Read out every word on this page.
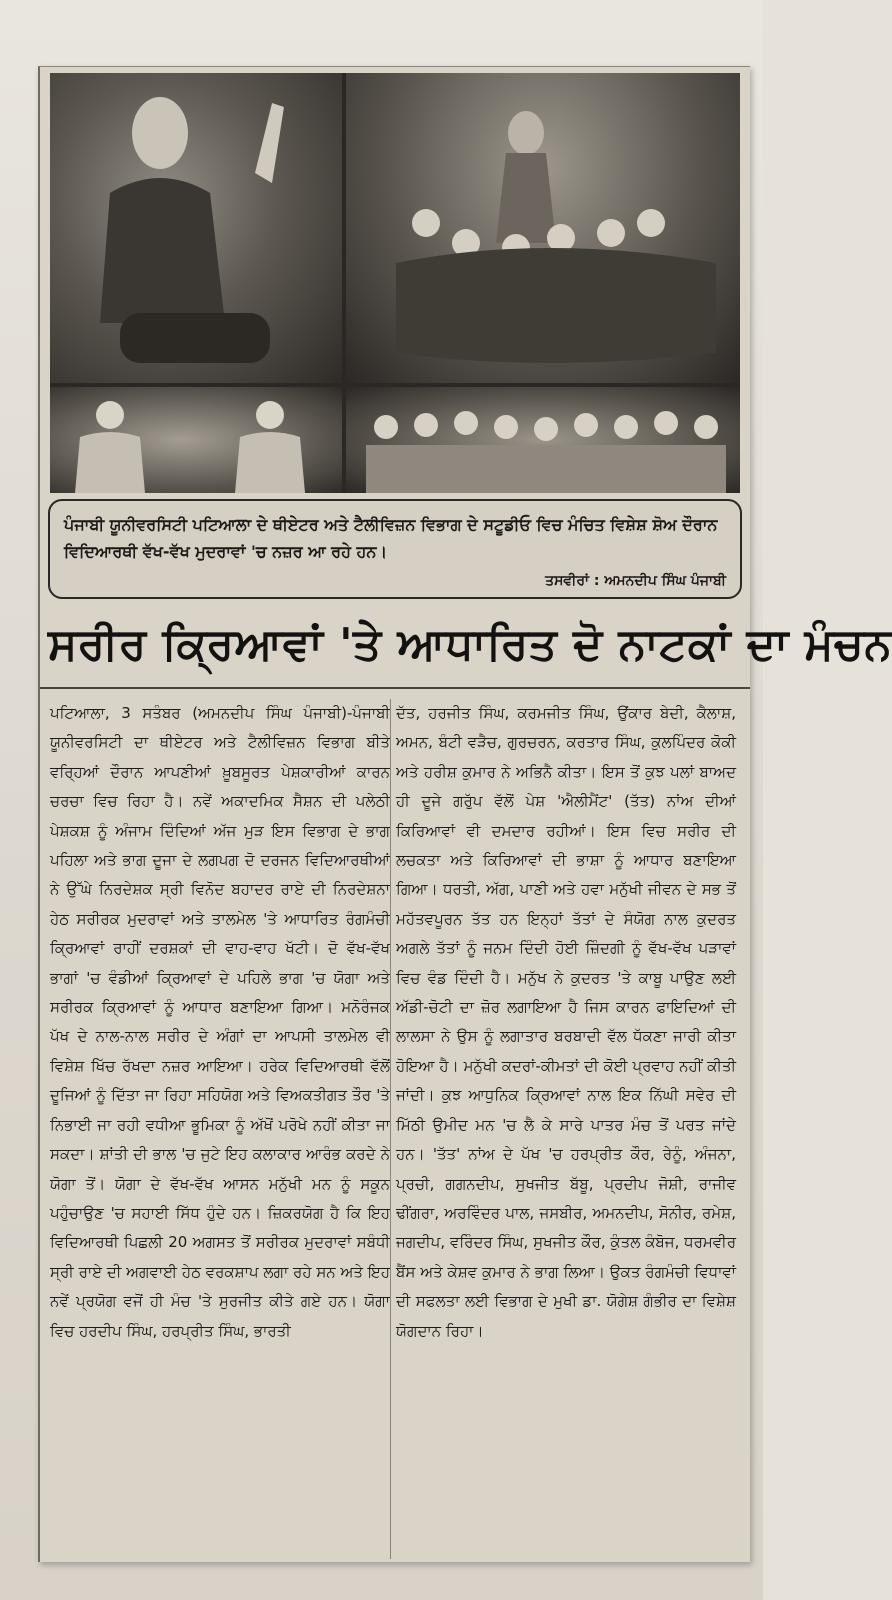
ਪੰਜਾਬੀ ਯੂਨੀਵਰਸਿਟੀ ਪਟਿਆਲਾ ਦੇ ਥੀਏਟਰ ਅਤੇ ਟੈਲੀਵਿਜ਼ਨ ਵਿਭਾਗ ਦੇ ਸਟੂਡੀਓ ਵਿਚ ਮੰਚਿਤ ਵਿਸ਼ੇਸ਼ ਸ਼ੋਅ ਦੌਰਾਨ ਵਿਦਿਆਰਥੀ ਵੱਖ-ਵੱਖ ਮੁਦਰਾਵਾਂ 'ਚ ਨਜ਼ਰ ਆ ਰਹੇ ਹਨ।
ਤਸਵੀਰਾਂ : ਅਮਨਦੀਪ ਸਿੰਘ ਪੰਜਾਬੀ
ਸਰੀਰ ਕ੍ਰਿਆਵਾਂ 'ਤੇ ਆਧਾਰਿਤ ਦੋ ਨਾਟਕਾਂ ਦਾ ਮੰਚਨ
ਪਟਿਆਲਾ, 3 ਸਤੰਬਰ (ਅਮਨਦੀਪ ਸਿੰਘ ਪੰਜਾਬੀ)-ਪੰਜਾਬੀ ਯੂਨੀਵਰਸਿਟੀ ਦਾ ਥੀਏਟਰ ਅਤੇ ਟੈਲੀਵਿਜ਼ਨ ਵਿਭਾਗ ਬੀਤੇ ਵਰ੍ਹਿਆਂ ਦੌਰਾਨ ਆਪਣੀਆਂ ਖ਼ੂਬਸੂਰਤ ਪੇਸ਼ਕਾਰੀਆਂ ਕਾਰਨ ਚਰਚਾ ਵਿਚ ਰਿਹਾ ਹੈ। ਨਵੇਂ ਅਕਾਦਮਿਕ ਸੈਸ਼ਨ ਦੀ ਪਲੇਠੀ ਪੇਸ਼ਕਸ਼ ਨੂੰ ਅੰਜਾਮ ਦਿੰਦਿਆਂ ਅੱਜ ਮੁੜ ਇਸ ਵਿਭਾਗ ਦੇ ਭਾਗ ਪਹਿਲਾ ਅਤੇ ਭਾਗ ਦੂਜਾ ਦੇ ਲਗਪਗ ਦੋ ਦਰਜਨ ਵਿਦਿਆਰਥੀਆਂ ਨੇ ਉੱਘੇ ਨਿਰਦੇਸ਼ਕ ਸ੍ਰੀ ਵਿਨੋਦ ਬਹਾਦਰ ਰਾਏ ਦੀ ਨਿਰਦੇਸ਼ਨਾ ਹੇਠ ਸਰੀਰਕ ਮੁਦਰਾਵਾਂ ਅਤੇ ਤਾਲਮੇਲ 'ਤੇ ਆਧਾਰਿਤ ਰੰਗਮੰਚੀ ਕ੍ਰਿਆਵਾਂ ਰਾਹੀਂ ਦਰਸ਼ਕਾਂ ਦੀ ਵਾਹ-ਵਾਹ ਖੱਟੀ। ਦੋ ਵੱਖ-ਵੱਖ ਭਾਗਾਂ 'ਚ ਵੰਡੀਆਂ ਕ੍ਰਿਆਵਾਂ ਦੇ ਪਹਿਲੇ ਭਾਗ 'ਚ ਯੋਗਾ ਅਤੇ ਸਰੀਰਕ ਕ੍ਰਿਆਵਾਂ ਨੂੰ ਆਧਾਰ ਬਣਾਇਆ ਗਿਆ। ਮਨੋਰੰਜਕ ਪੱਖ ਦੇ ਨਾਲ-ਨਾਲ ਸਰੀਰ ਦੇ ਅੰਗਾਂ ਦਾ ਆਪਸੀ ਤਾਲਮੇਲ ਵੀ ਵਿਸ਼ੇਸ਼ ਖਿੱਚ ਰੱਖਦਾ ਨਜ਼ਰ ਆਇਆ। ਹਰੇਕ ਵਿਦਿਆਰਥੀ ਵੱਲੋਂ ਦੂਜਿਆਂ ਨੂੰ ਦਿੱਤਾ ਜਾ ਰਿਹਾ ਸਹਿਯੋਗ ਅਤੇ ਵਿਅਕਤੀਗਤ ਤੌਰ 'ਤੇ ਨਿਭਾਈ ਜਾ ਰਹੀ ਵਧੀਆ ਭੂਮਿਕਾ ਨੂੰ ਅੱਖੋਂ ਪਰੋਖੇ ਨਹੀਂ ਕੀਤਾ ਜਾ ਸਕਦਾ। ਸ਼ਾਂਤੀ ਦੀ ਭਾਲ 'ਚ ਜੁਟੇ ਇਹ ਕਲਾਕਾਰ ਆਰੰਭ ਕਰਦੇ ਨੇ ਯੋਗਾ ਤੋਂ। ਯੋਗਾ ਦੇ ਵੱਖ-ਵੱਖ ਆਸਨ ਮਨੁੱਖੀ ਮਨ ਨੂੰ ਸਕੂਨ ਪਹੁੰਚਾਉਣ 'ਚ ਸਹਾਈ ਸਿੱਧ ਹੁੰਦੇ ਹਨ। ਜ਼ਿਕਰਯੋਗ ਹੈ ਕਿ ਇਹ ਵਿਦਿਆਰਥੀ ਪਿਛਲੀ 20 ਅਗਸਤ ਤੋਂ ਸਰੀਰਕ ਮੁਦਰਾਵਾਂ ਸਬੰਧੀ ਸ੍ਰੀ ਰਾਏ ਦੀ ਅਗਵਾਈ ਹੇਠ ਵਰਕਸ਼ਾਪ ਲਗਾ ਰਹੇ ਸਨ ਅਤੇ ਇਹ ਨਵੇਂ ਪ੍ਰਯੋਗ ਵਜੋਂ ਹੀ ਮੰਚ 'ਤੇ ਸੁਰਜੀਤ ਕੀਤੇ ਗਏ ਹਨ। ਯੋਗਾ ਵਿਚ ਹਰਦੀਪ ਸਿੰਘ, ਹਰਪ੍ਰੀਤ ਸਿੰਘ, ਭਾਰਤੀ
ਦੱਤ, ਹਰਜੀਤ ਸਿੰਘ, ਕਰਮਜੀਤ ਸਿੰਘ, ਉਂਕਾਰ ਬੇਦੀ, ਕੈਲਾਸ਼, ਅਮਨ, ਬੰਟੀ ਵੜੈਚ, ਗੁਰਚਰਨ, ਕਰਤਾਰ ਸਿੰਘ, ਕੁਲਪਿੰਦਰ ਕੋਕੀ ਅਤੇ ਹਰੀਸ਼ ਕੁਮਾਰ ਨੇ ਅਭਿਨੈ ਕੀਤਾ। ਇਸ ਤੋਂ ਕੁਝ ਪਲਾਂ ਬਾਅਦ ਹੀ ਦੂਜੇ ਗਰੁੱਪ ਵੱਲੋਂ ਪੇਸ਼ 'ਐਲੀਮੈਂਟ' (ਤੱਤ) ਨਾਂਅ ਦੀਆਂ ਕਿਰਿਆਵਾਂ ਵੀ ਦਮਦਾਰ ਰਹੀਆਂ। ਇਸ ਵਿਚ ਸਰੀਰ ਦੀ ਲਚਕਤਾ ਅਤੇ ਕਿਰਿਆਵਾਂ ਦੀ ਭਾਸ਼ਾ ਨੂੰ ਆਧਾਰ ਬਣਾਇਆ ਗਿਆ। ਧਰਤੀ, ਅੱਗ, ਪਾਣੀ ਅਤੇ ਹਵਾ ਮਨੁੱਖੀ ਜੀਵਨ ਦੇ ਸਭ ਤੋਂ ਮਹੱਤਵਪੂਰਨ ਤੱਤ ਹਨ ਇਨ੍ਹਾਂ ਤੱਤਾਂ ਦੇ ਸੰਯੋਗ ਨਾਲ ਕੁਦਰਤ ਅਗਲੇ ਤੱਤਾਂ ਨੂੰ ਜਨਮ ਦਿੰਦੀ ਹੋਈ ਜ਼ਿੰਦਗੀ ਨੂੰ ਵੱਖ-ਵੱਖ ਪੜਾਵਾਂ ਵਿਚ ਵੰਡ ਦਿੰਦੀ ਹੈ। ਮਨੁੱਖ ਨੇ ਕੁਦਰਤ 'ਤੇ ਕਾਬੂ ਪਾਉਣ ਲਈ ਅੱਡੀ-ਚੋਟੀ ਦਾ ਜ਼ੋਰ ਲਗਾਇਆ ਹੈ ਜਿਸ ਕਾਰਨ ਫਾਇਦਿਆਂ ਦੀ ਲਾਲਸਾ ਨੇ ਉਸ ਨੂੰ ਲਗਾਤਾਰ ਬਰਬਾਦੀ ਵੱਲ ਧੱਕਣਾ ਜਾਰੀ ਕੀਤਾ ਹੋਇਆ ਹੈ। ਮਨੁੱਖੀ ਕਦਰਾਂ-ਕੀਮਤਾਂ ਦੀ ਕੋਈ ਪ੍ਰਵਾਹ ਨਹੀਂ ਕੀਤੀ ਜਾਂਦੀ। ਕੁਝ ਆਧੁਨਿਕ ਕ੍ਰਿਆਵਾਂ ਨਾਲ ਇਕ ਨਿੱਘੀ ਸਵੇਰ ਦੀ ਮਿੱਠੀ ਉਮੀਦ ਮਨ 'ਚ ਲੈ ਕੇ ਸਾਰੇ ਪਾਤਰ ਮੰਚ ਤੋਂ ਪਰਤ ਜਾਂਦੇ ਹਨ। 'ਤੱਤ' ਨਾਂਅ ਦੇ ਪੱਖ 'ਚ ਹਰਪ੍ਰੀਤ ਕੌਰ, ਰੇਨੂੰ, ਅੰਜਨਾ, ਪ੍ਰਚੀ, ਗਗਨਦੀਪ, ਸੁਖਜੀਤ ਬੱਬੂ, ਪ੍ਰਦੀਪ ਜੋਸ਼ੀ, ਰਾਜੀਵ ਢੀਂਗਰਾ, ਅਰਵਿੰਦਰ ਪਾਲ, ਜਸਬੀਰ, ਅਮਨਦੀਪ, ਸੋਨੀਰ, ਰਮੇਸ਼, ਜਗਦੀਪ, ਵਰਿੰਦਰ ਸਿੰਘ, ਸੁਖਜੀਤ ਕੌਰ, ਕੁੰਤਲ ਕੰਬੋਜ, ਧਰਮਵੀਰ ਬੈਂਸ ਅਤੇ ਕੇਸ਼ਵ ਕੁਮਾਰ ਨੇ ਭਾਗ ਲਿਆ। ਉਕਤ ਰੰਗਮੰਚੀ ਵਿਧਾਵਾਂ ਦੀ ਸਫਲਤਾ ਲਈ ਵਿਭਾਗ ਦੇ ਮੁਖੀ ਡਾ. ਯੋਗੇਸ਼ ਗੰਭੀਰ ਦਾ ਵਿਸ਼ੇਸ਼ ਯੋਗਦਾਨ ਰਿਹਾ।
